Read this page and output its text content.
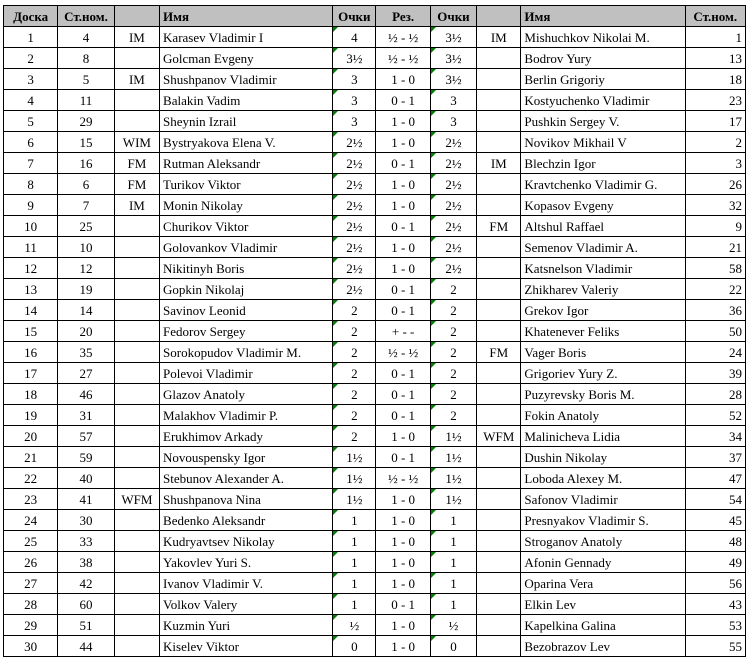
Доска	Ст.ном.		Имя	Очки	Рез.	Очки		Имя	Ст.ном.
1	4	IM	Karasev Vladimir I	4	½ - ½	3½	IM	Mishuchkov Nikolai M.	1
2	8		Golcman Evgeny	3½	½ - ½	3½		Bodrov Yury	13
3	5	IM	Shushpanov Vladimir	3	1 - 0	3½		Berlin Grigoriy	18
4	11		Balakin Vadim	3	0 - 1	3		Kostyuchenko Vladimir	23
5	29		Sheynin Izrail	3	1 - 0	3		Pushkin Sergey V.	17
6	15	WIM	Bystryakova Elena V.	2½	1 - 0	2½		Novikov Mikhail V	2
7	16	FM	Rutman Aleksandr	2½	0 - 1	2½	IM	Blechzin Igor	3
8	6	FM	Turikov Viktor	2½	1 - 0	2½		Kravtchenko Vladimir G.	26
9	7	IM	Monin Nikolay	2½	1 - 0	2½		Kopasov Evgeny	32
10	25		Churikov Viktor	2½	0 - 1	2½	FM	Altshul Raffael	9
11	10		Golovankov Vladimir	2½	1 - 0	2½		Semenov Vladimir A.	21
12	12		Nikitinyh Boris	2½	1 - 0	2½		Katsnelson Vladimir	58
13	19		Gopkin Nikolaj	2½	0 - 1	2		Zhikharev Valeriy	22
14	14		Savinov Leonid	2	0 - 1	2		Grekov Igor	36
15	20		Fedorov Sergey	2	+ - -	2		Khatenever Feliks	50
16	35		Sorokopudov Vladimir M.	2	½ - ½	2	FM	Vager Boris	24
17	27		Polevoi Vladimir	2	0 - 1	2		Grigoriev Yury Z.	39
18	46		Glazov Anatoly	2	0 - 1	2		Puzyrevsky Boris M.	28
19	31		Malakhov Vladimir P.	2	0 - 1	2		Fokin Anatoly	52
20	57		Erukhimov Arkady	2	1 - 0	1½	WFM	Malinicheva Lidia	34
21	59		Novouspensky Igor	1½	0 - 1	1½		Dushin Nikolay	37
22	40		Stebunov Alexander A.	1½	½ - ½	1½		Loboda Alexey M.	47
23	41	WFM	Shushpanova Nina	1½	1 - 0	1½		Safonov Vladimir	54
24	30		Bedenko Aleksandr	1	1 - 0	1		Presnyakov Vladimir S.	45
25	33		Kudryavtsev Nikolay	1	1 - 0	1		Stroganov Anatoly	48
26	38		Yakovlev Yuri S.	1	1 - 0	1		Afonin Gennady	49
27	42		Ivanov Vladimir V.	1	1 - 0	1		Oparina Vera	56
28	60		Volkov Valery	1	0 - 1	1		Elkin Lev	43
29	51		Kuzmin Yuri	½	1 - 0	½		Kapelkina Galina	53
30	44		Kiselev Viktor	0	1 - 0	0		Bezobrazov Lev	55
